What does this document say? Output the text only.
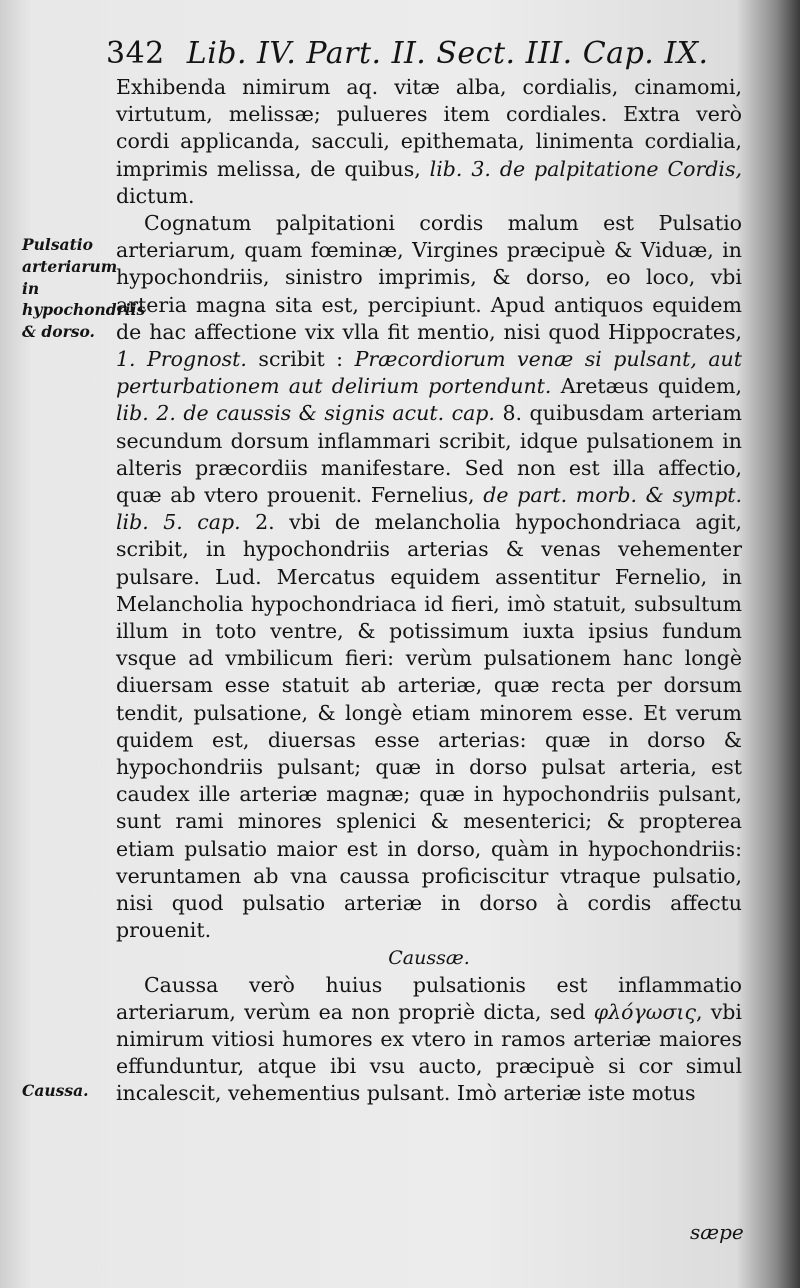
342 Lib. IV. Part. II. Sect. III. Cap. IX.
Pulsatio arteriarum in hypochondriis & dorso.
Caussa.

Exhibenda nimirum aq. vitæ alba, cordialis, cinamomi, virtutum, melissæ; pulueres item cordiales. Extra verò cordi applicanda, sacculi, epithemata, linimenta cordialia, imprimis melissa, de quibus, lib. 3. de palpitatione Cordis, dictum.

Cognatum palpitationi cordis malum est Pulsatio arteriarum, quam fœminæ, Virgines præcipuè & Viduæ, in hypochondriis, sinistro imprimis, & dorso, eo loco, vbi arteria magna sita est, percipiunt. Apud antiquos equidem de hac affectione vix vlla fit mentio, nisi quod Hippocrates, 1. Prognost. scribit : Præcordiorum venæ si pulsant, aut perturbationem aut delirium portendunt. Aretæus quidem, lib. 2. de caussis & signis acut. cap. 8. quibusdam arteriam secundum dorsum inflammari scribit, idque pulsationem in alteris præcordiis manifestare. Sed non est illa affectio, quæ ab vtero prouenit. Fernelius, de part. morb. & sympt. lib. 5. cap. 2. vbi de melancholia hypochondriaca agit, scribit, in hypochondriis arterias & venas vehementer pulsare. Lud. Mercatus equidem assentitur Fernelio, in Melancholia hypochondriaca id fieri, imò statuit, subsultum illum in toto ventre, & potissimum iuxta ipsius fundum vsque ad vmbilicum fieri: verùm pulsationem hanc longè diuersam esse statuit ab arteriæ, quæ recta per dorsum tendit, pulsatione, & longè etiam minorem esse. Et verum quidem est, diuersas esse arterias: quæ in dorso & hypochondriis pulsant; quæ in dorso pulsat arteria, est caudex ille arteriæ magnæ; quæ in hypochondriis pulsant, sunt rami minores splenici & mesenterici; & propterea etiam pulsatio maior est in dorso, quàm in hypochondriis: veruntamen ab vna caussa proficiscitur vtraque pulsatio, nisi quod pulsatio arteriæ in dorso à cordis affectu prouenit.

Caussæ.

Caussa verò huius pulsationis est inflammatio arteriarum, verùm ea non propriè dicta, sed φλόγωσις, vbi nimirum vitiosi humores ex vtero in ramos arteriæ maiores effunduntur, atque ibi vsu aucto, præcipuè si cor simul incalescit, vehementius pulsant. Imò arteriæ iste motus

sæpe
